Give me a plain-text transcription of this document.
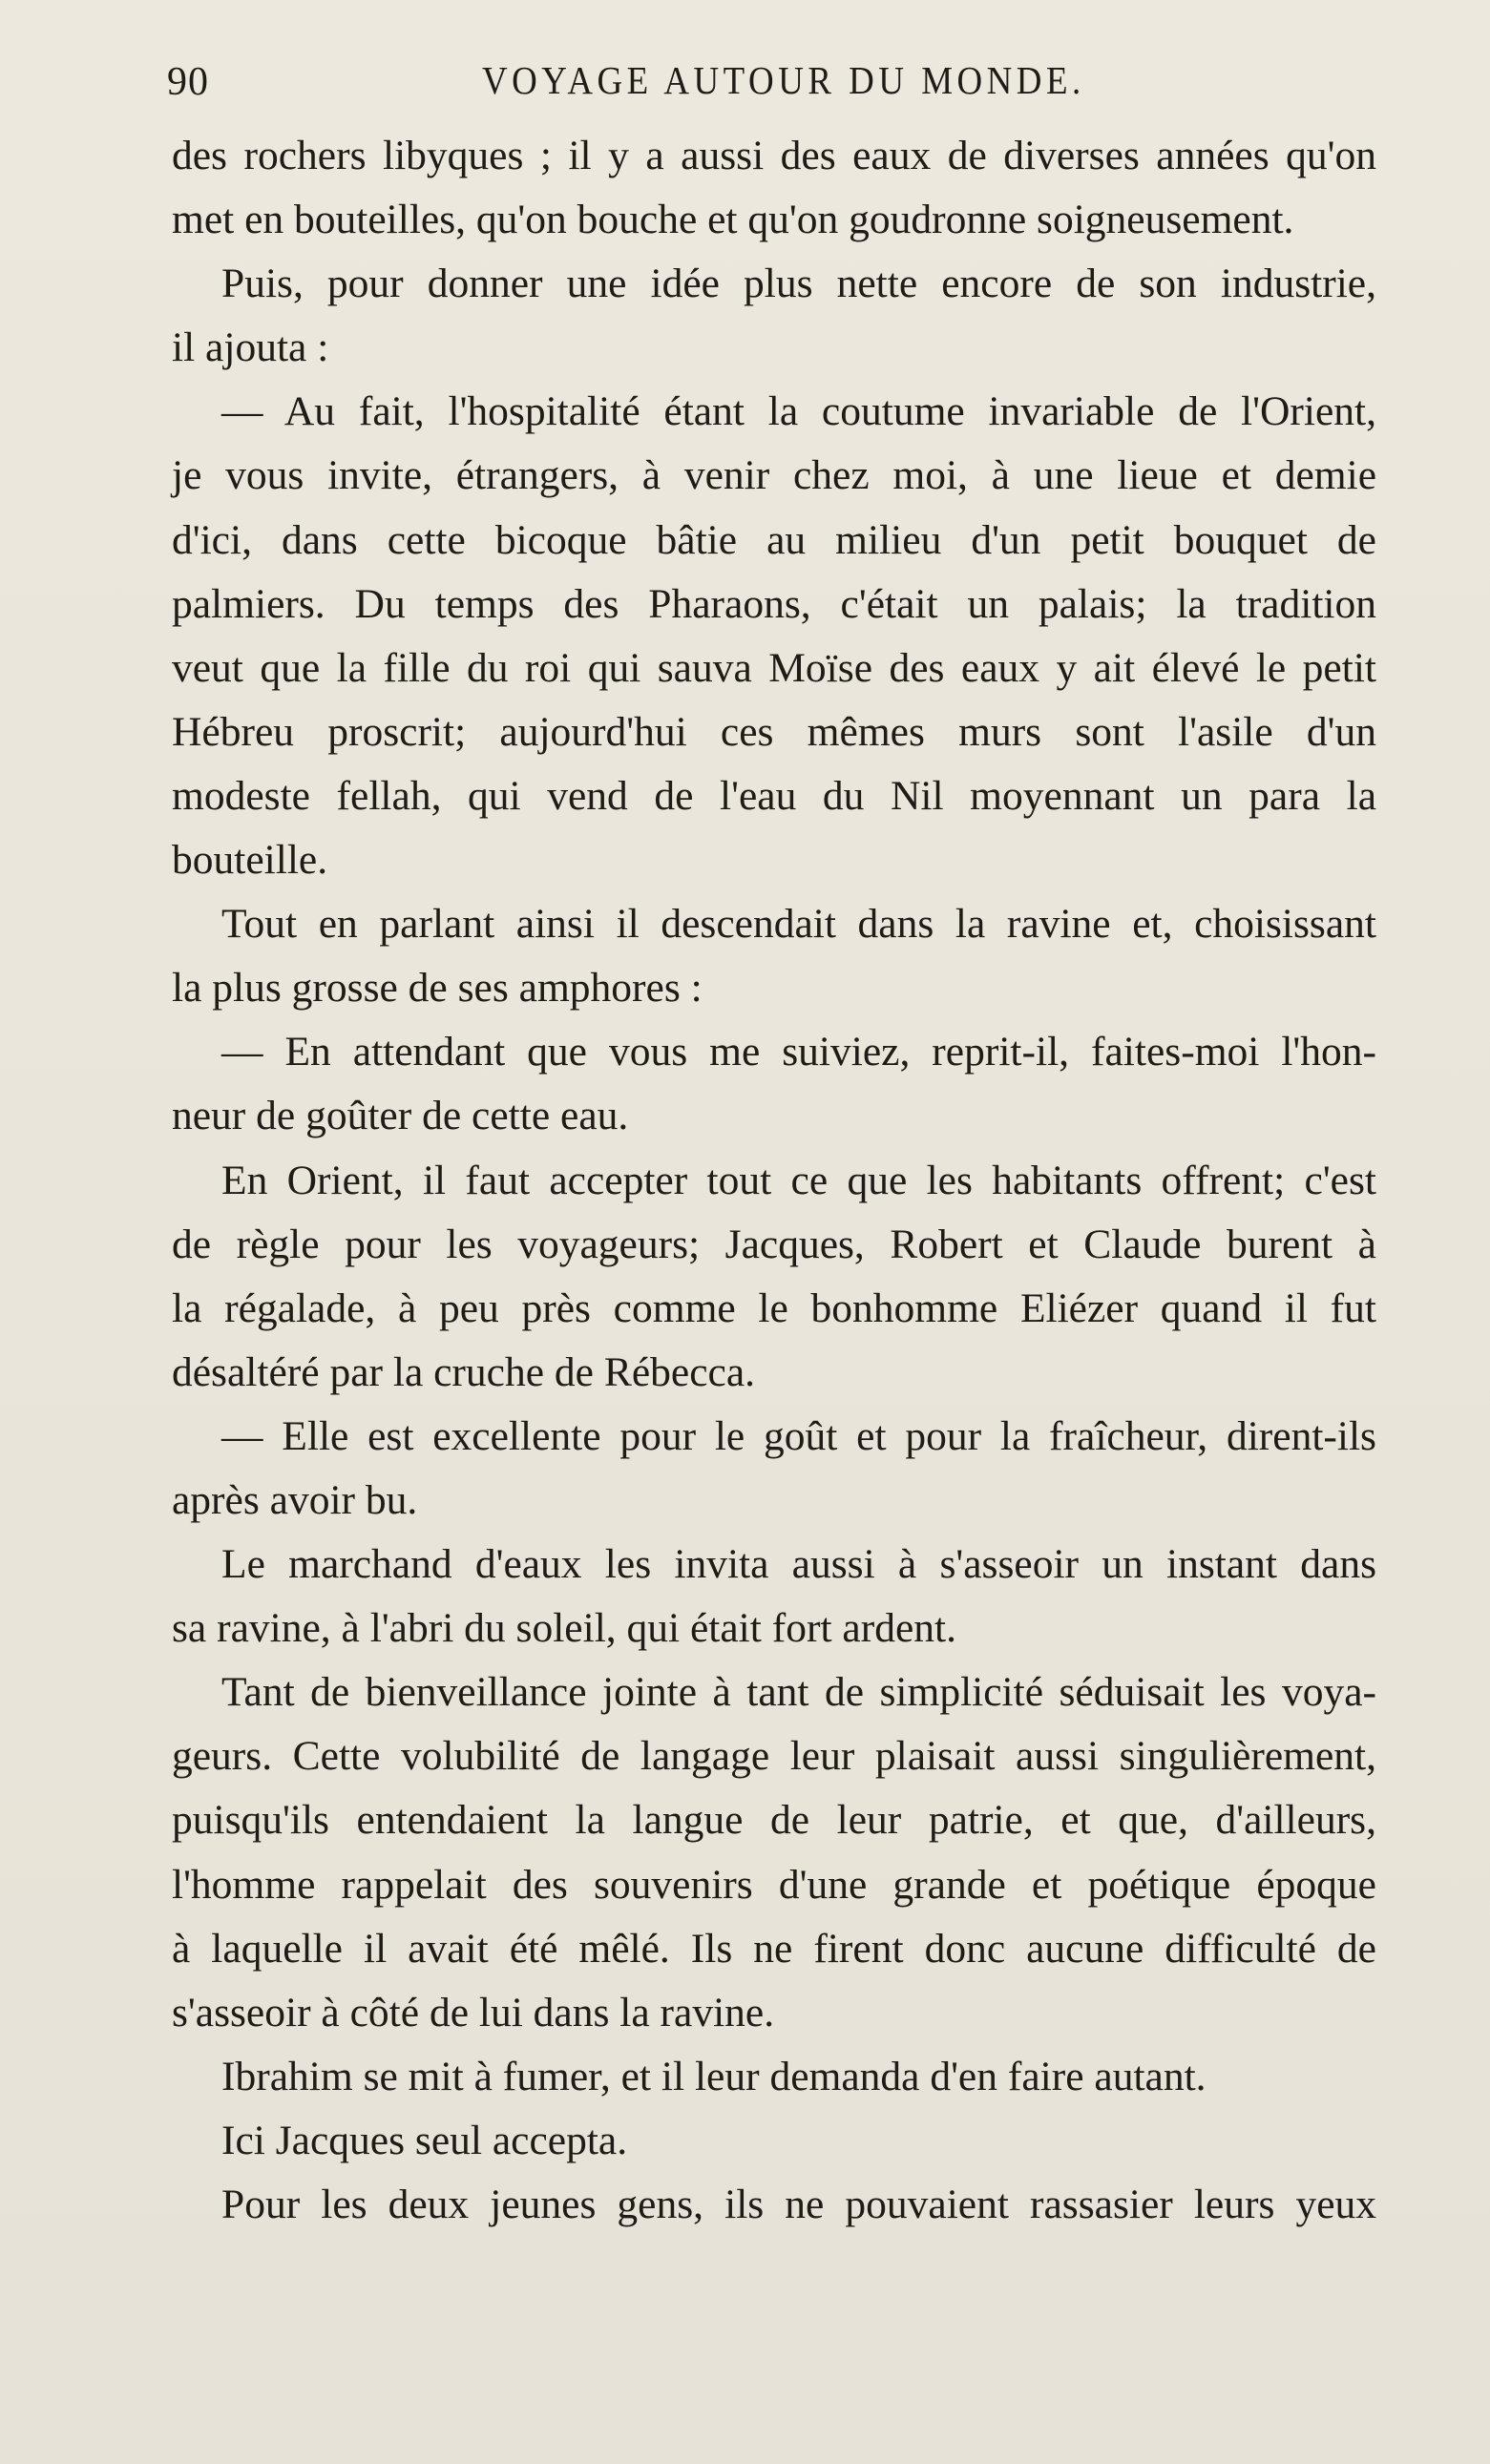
90	VOYAGE AUTOUR DU MONDE.
des rochers libyques ; il y a aussi des eaux de diverses années qu'on
met en bouteilles, qu'on bouche et qu'on goudronne soigneusement.
Puis, pour donner une idée plus nette encore de son industrie,
il ajouta :
— Au fait, l'hospitalité étant la coutume invariable de l'Orient,
je vous invite, étrangers, à venir chez moi, à une lieue et demie
d'ici, dans cette bicoque bâtie au milieu d'un petit bouquet de
palmiers. Du temps des Pharaons, c'était un palais; la tradition
veut que la fille du roi qui sauva Moïse des eaux y ait élevé le petit
Hébreu proscrit; aujourd'hui ces mêmes murs sont l'asile d'un
modeste fellah, qui vend de l'eau du Nil moyennant un para la
bouteille.
Tout en parlant ainsi il descendait dans la ravine et, choisissant
la plus grosse de ses amphores :
— En attendant que vous me suiviez, reprit-il, faites-moi l'hon-
neur de goûter de cette eau.
En Orient, il faut accepter tout ce que les habitants offrent; c'est
de règle pour les voyageurs; Jacques, Robert et Claude burent à
la régalade, à peu près comme le bonhomme Eliézer quand il fut
désaltéré par la cruche de Rébecca.
— Elle est excellente pour le goût et pour la fraîcheur, dirent-ils
après avoir bu.
Le marchand d'eaux les invita aussi à s'asseoir un instant dans
sa ravine, à l'abri du soleil, qui était fort ardent.
Tant de bienveillance jointe à tant de simplicité séduisait les voya-
geurs. Cette volubilité de langage leur plaisait aussi singulièrement,
puisqu'ils entendaient la langue de leur patrie, et que, d'ailleurs,
l'homme rappelait des souvenirs d'une grande et poétique époque
à laquelle il avait été mêlé. Ils ne firent donc aucune difficulté de
s'asseoir à côté de lui dans la ravine.
Ibrahim se mit à fumer, et il leur demanda d'en faire autant.
Ici Jacques seul accepta.
Pour les deux jeunes gens, ils ne pouvaient rassasier leurs yeux
